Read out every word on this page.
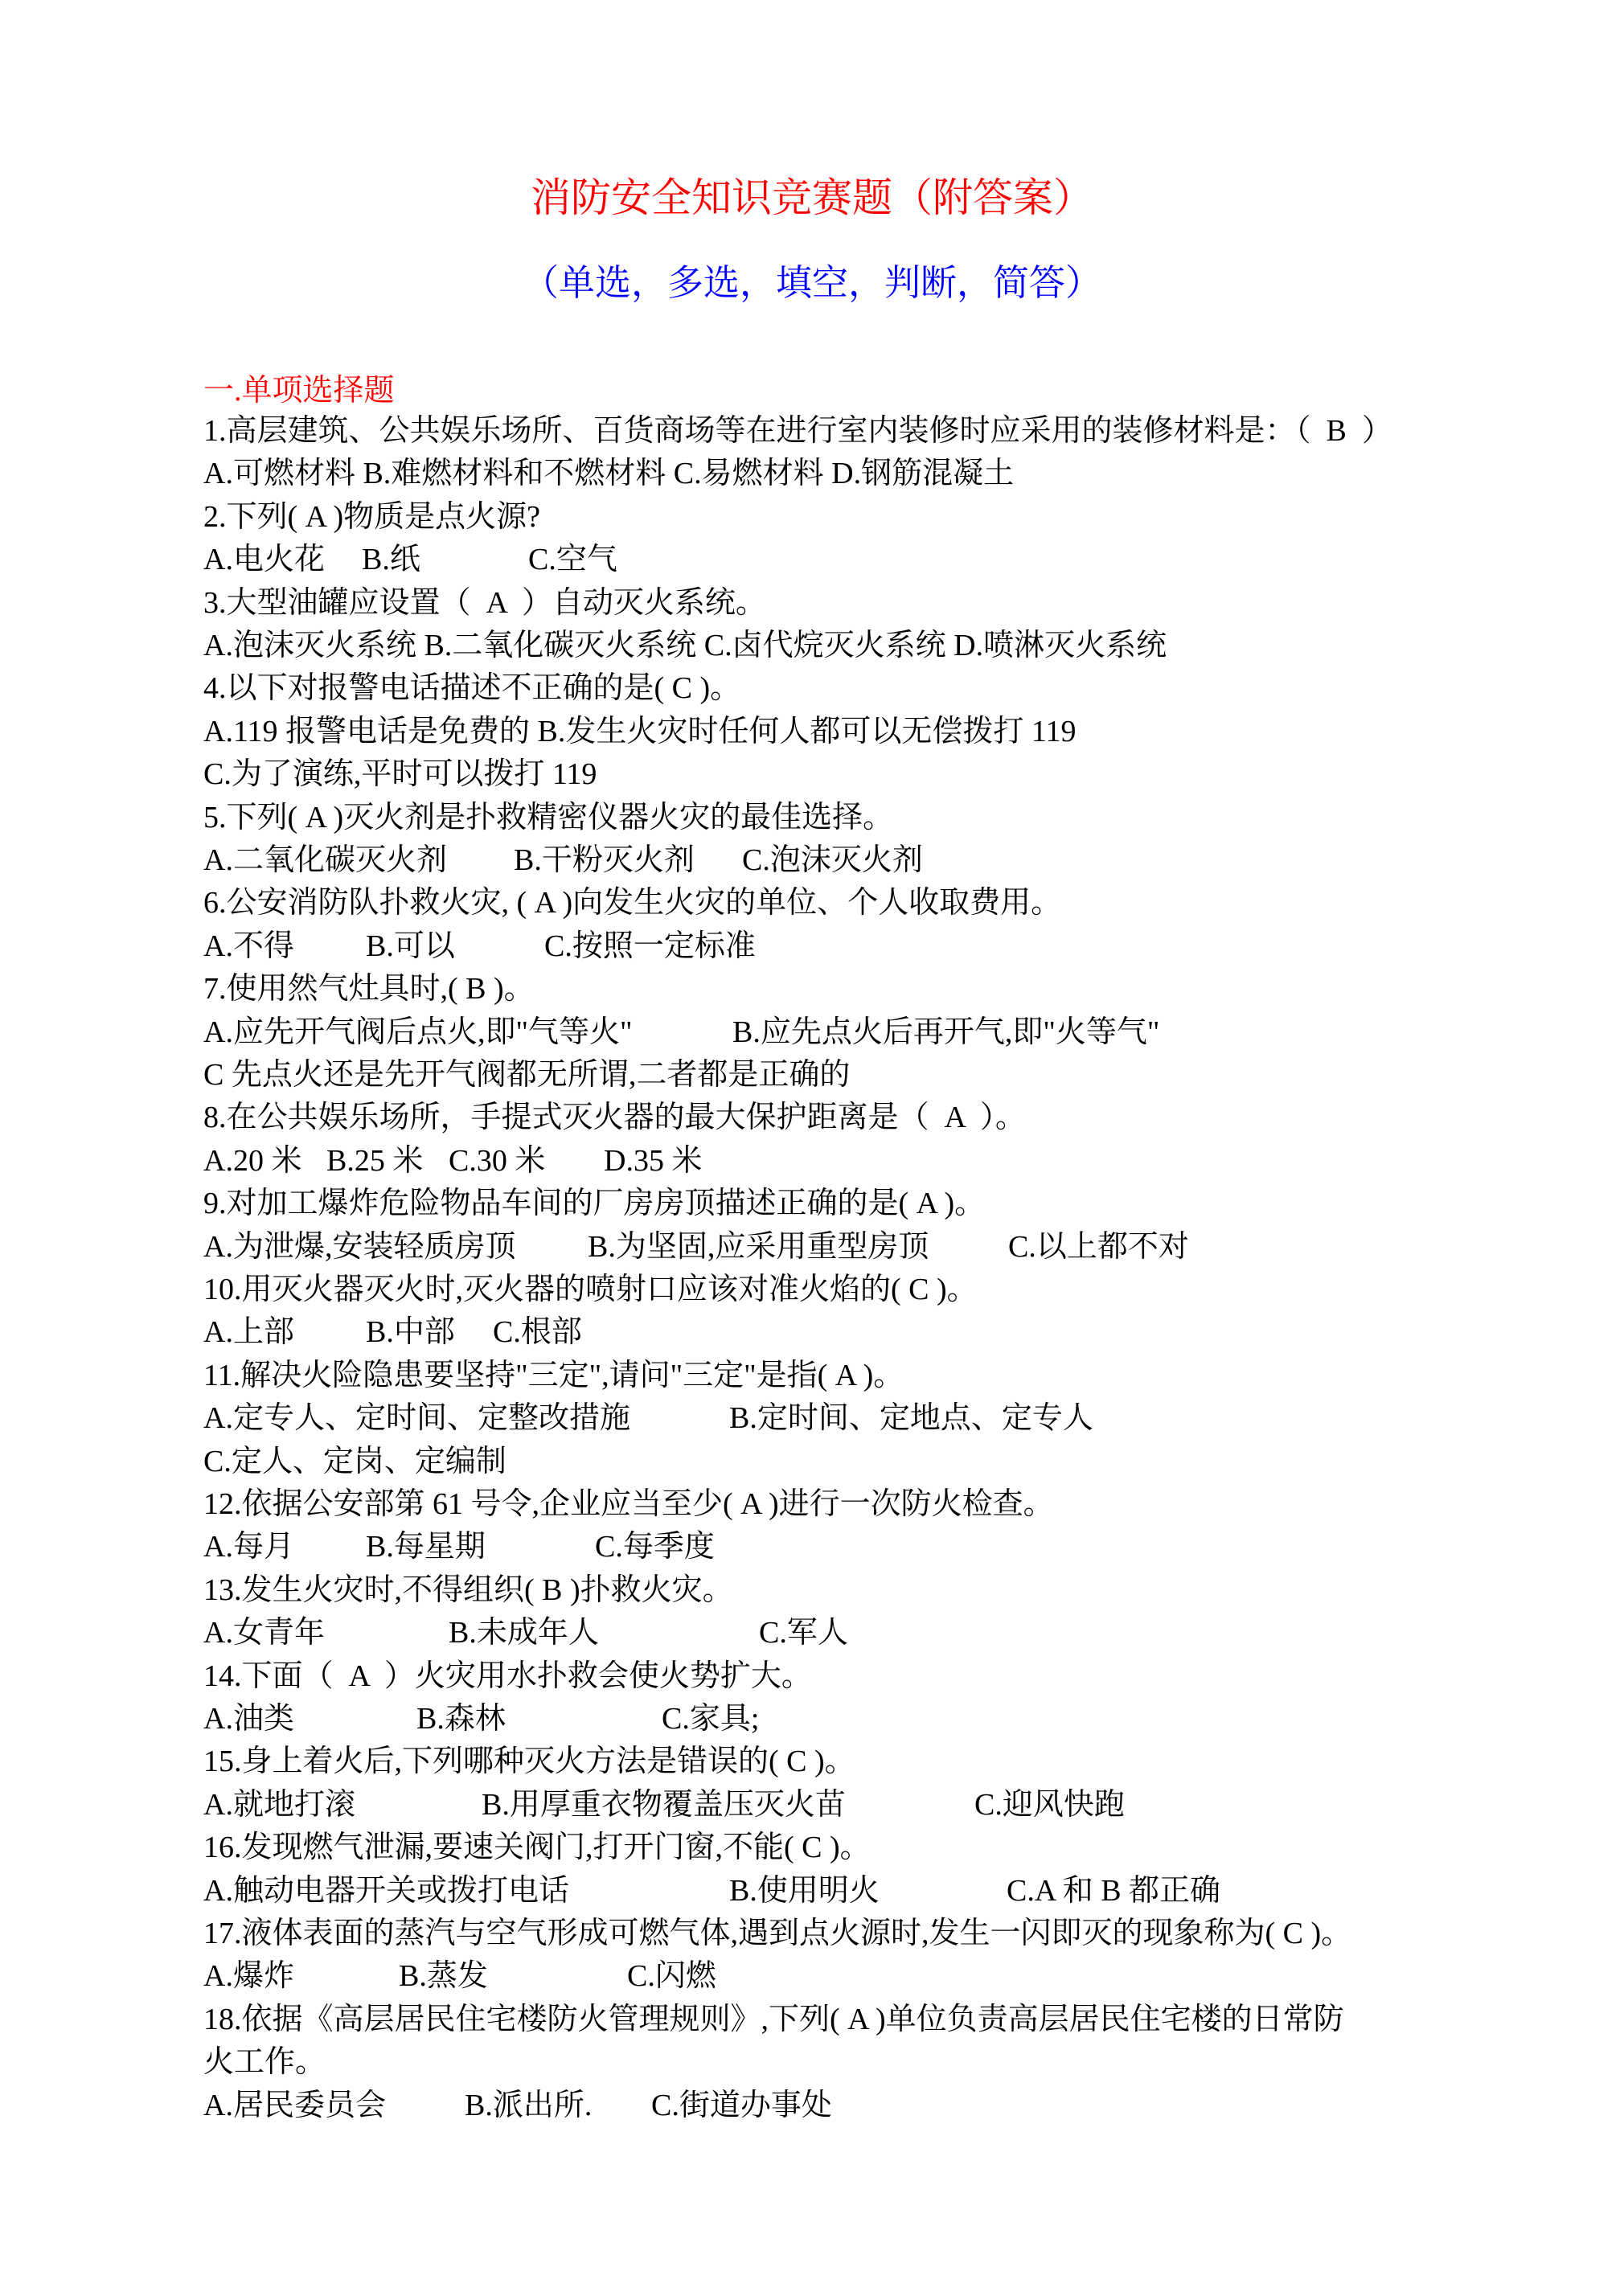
消防安全知识竞赛题（附答案）
（单选，多选，填空，判断，简答）
一.单项选择题
1.高层建筑、公共娱乐场所、百货商场等在进行室内装修时应采用的装修材料是：（  B  ）
A.可燃材料 B.难燃材料和不燃材料 C.易燃材料 D.钢筋混凝土
2.下列( A )物质是点火源?
A.电火花 B.纸	C.空气
3.大型油罐应设置（  A  ）自动灭火系统。
A.泡沫灭火系统 B.二氧化碳灭火系统 C.卤代烷灭火系统 D.喷淋灭火系统
4.以下对报警电话描述不正确的是( C )。
A.119 报警电话是免费的 B.发生火灾时任何人都可以无偿拨打 119
C.为了演练,平时可以拨打 119
5.下列( A )灭火剂是扑救精密仪器火灾的最佳选择。
A.二氧化碳灭火剂 B.干粉灭火剂 C.泡沫灭火剂
6.公安消防队扑救火灾, ( A )向发生火灾的单位、个人收取费用。
A.不得 B.可以	C.按照一定标准
7.使用然气灶具时,( B )。
A.应先开气阀后点火,即"气等火"	B.应先点火后再开气,即"火等气"
C 先点火还是先开气阀都无所谓,二者都是正确的
8.在公共娱乐场所，手提式灭火器的最大保护距离是（  A  ）。
A.20 米 B.25 米 C.30 米 D.35 米
9.对加工爆炸危险物品车间的厂房房顶描述正确的是( A )。
A.为泄爆,安装轻质房顶 B.为坚固,应采用重型房顶	C.以上都不对
10.用灭火器灭火时,灭火器的喷射口应该对准火焰的( C )。
A.上部 B.中部 C.根部
11.解决火险隐患要坚持"三定",请问"三定"是指( A )。
A.定专人、定时间、定整改措施	B.定时间、定地点、定专人
C.定人、定岗、定编制
12.依据公安部第 61 号令,企业应当至少( A )进行一次防火检查。
A.每月 B.每星期	C.每季度
13.发生火灾时,不得组织( B )扑救火灾。
A.女青年	B.未成年人	C.军人
14.下面（  A  ）火灾用水扑救会使火势扩大。
A.油类	B.森林	C.家具;
15.身上着火后,下列哪种灭火方法是错误的( C )。
A.就地打滚	B.用厚重衣物覆盖压灭火苗	C.迎风快跑
16.发现燃气泄漏,要速关阀门,打开门窗,不能( C )。
A.触动电器开关或拨打电话	B.使用明火	C.A 和 B 都正确
17.液体表面的蒸汽与空气形成可燃气体,遇到点火源时,发生一闪即灭的现象称为( C )。
A.爆炸	B.蒸发	C.闪燃
18.依据《高层居民住宅楼防火管理规则》,下列( A )单位负责高层居民住宅楼的日常防
火工作。
A.居民委员会	B.派出所. C.街道办事处
